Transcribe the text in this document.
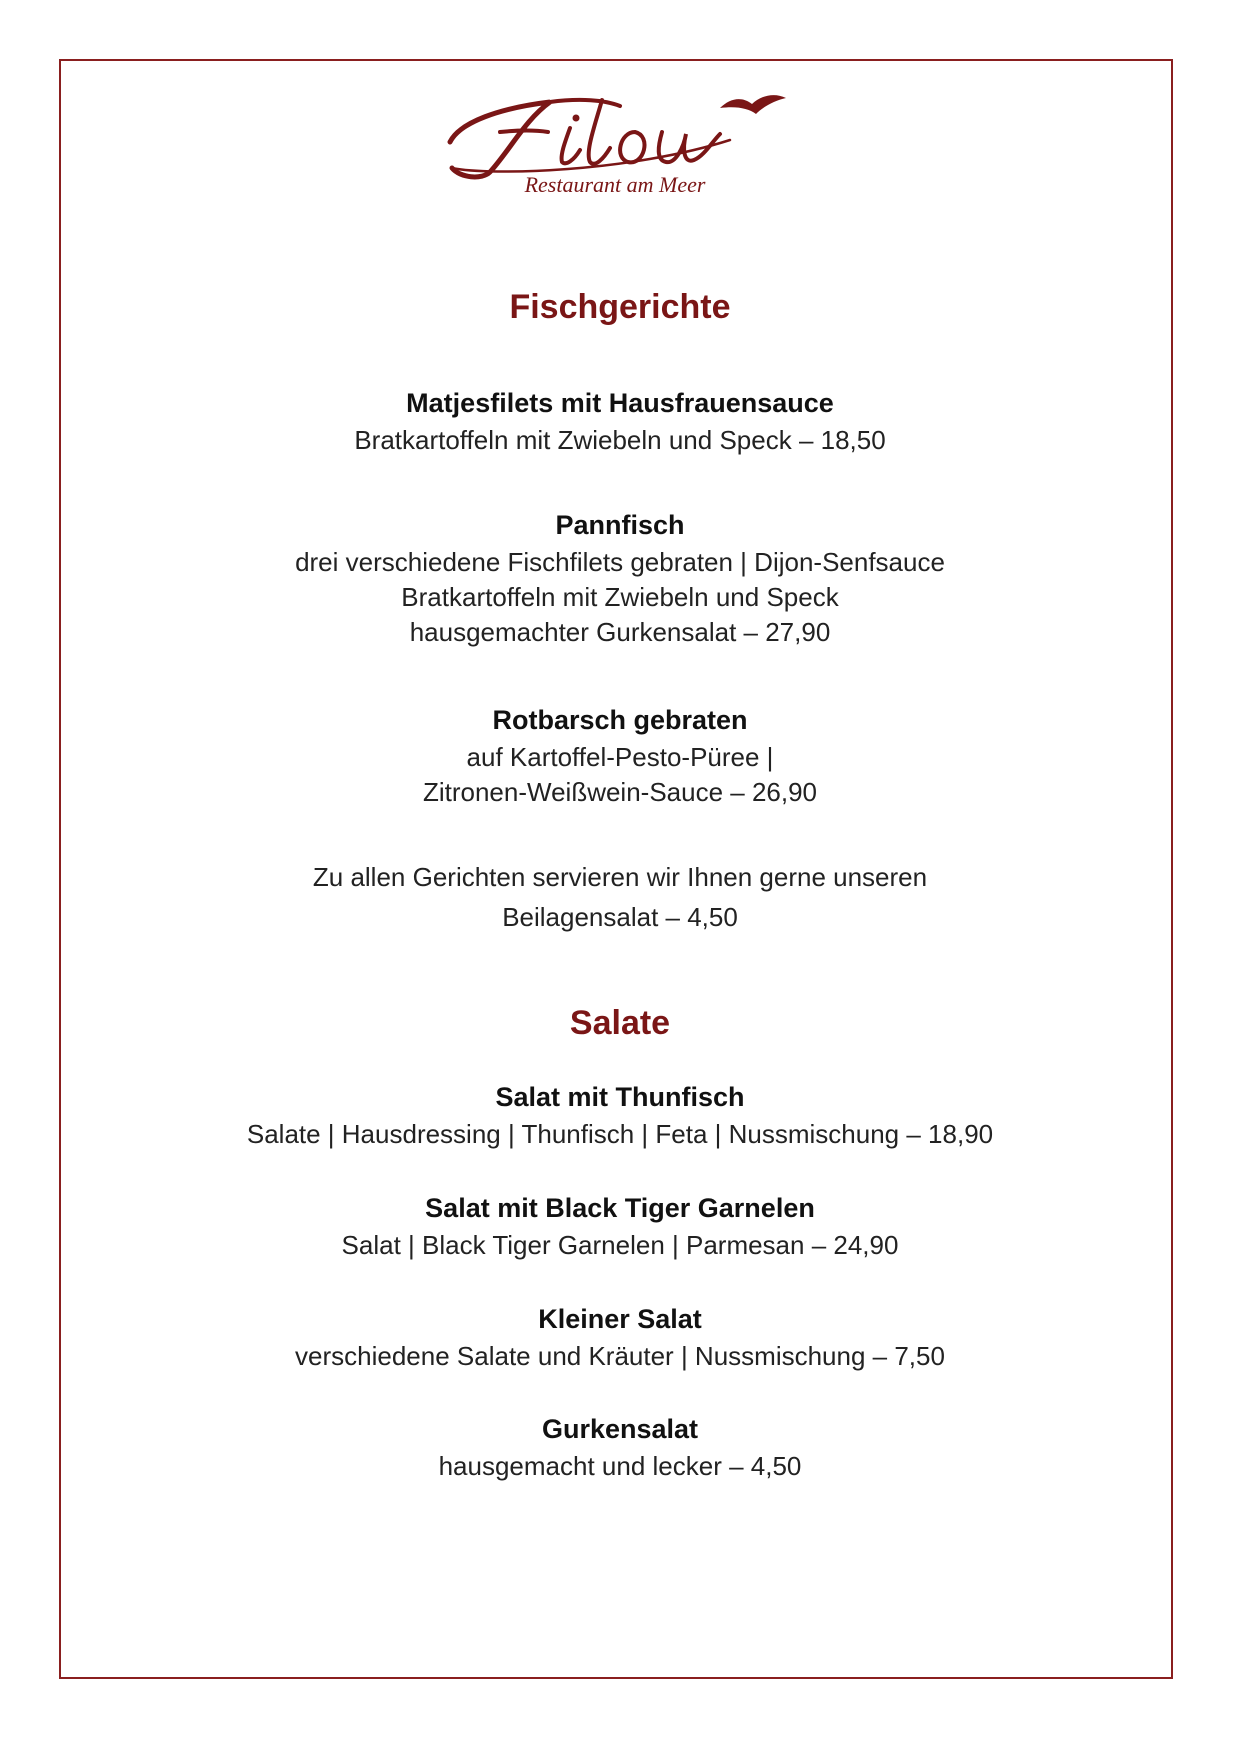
Restaurant am Meer
Fischgerichte
Matjesfilets mit Hausfrauensauce
Bratkartoffeln mit Zwiebeln und Speck – 18,50
Pannfisch
drei verschiedene Fischfilets gebraten | Dijon-Senfsauce
Bratkartoffeln mit Zwiebeln und Speck
hausgemachter Gurkensalat – 27,90
Rotbarsch gebraten
auf Kartoffel-Pesto-Püree |
Zitronen-Weißwein-Sauce – 26,90
Zu allen Gerichten servieren wir Ihnen gerne unseren
Beilagensalat – 4,50
Salate
Salat mit Thunfisch
Salate | Hausdressing | Thunfisch | Feta | Nussmischung – 18,90
Salat mit Black Tiger Garnelen
Salat | Black Tiger Garnelen | Parmesan – 24,90
Kleiner Salat
verschiedene Salate und Kräuter | Nussmischung – 7,50
Gurkensalat
hausgemacht und lecker – 4,50
